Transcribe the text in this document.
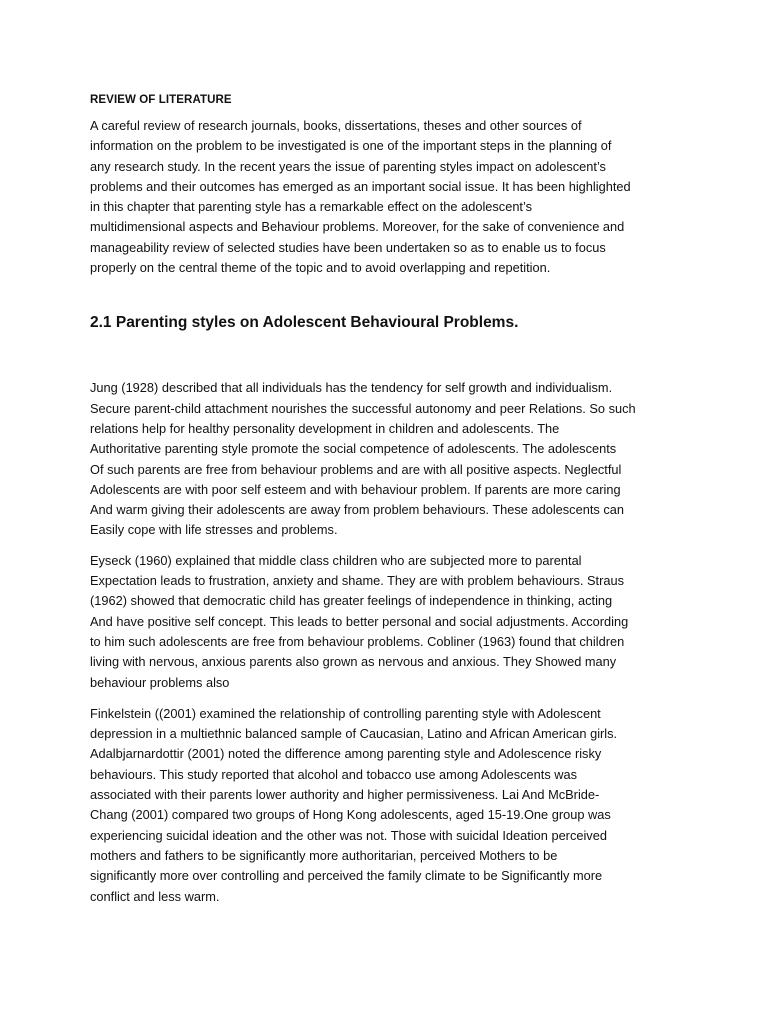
REVIEW OF LITERATURE

A careful review of research journals, books, dissertations, theses and other sources of
information on the problem to be investigated is one of the important steps in the planning of
any research study. In the recent years the issue of parenting styles impact on adolescent’s
problems and their outcomes has emerged as an important social issue. It has been highlighted
in this chapter that parenting style has a remarkable effect on the adolescent’s
multidimensional aspects and Behaviour problems. Moreover, for the sake of convenience and
manageability review of selected studies have been undertaken so as to enable us to focus
properly on the central theme of the topic and to avoid overlapping and repetition.

2.1 Parenting styles on Adolescent Behavioural Problems.

Jung (1928) described that all individuals has the tendency for self growth and individualism.
Secure parent-child attachment nourishes the successful autonomy and peer Relations. So such
relations help for healthy personality development in children and adolescents. The
Authoritative parenting style promote the social competence of adolescents. The adolescents
Of such parents are free from behaviour problems and are with all positive aspects. Neglectful
Adolescents are with poor self esteem and with behaviour problem. If parents are more caring
And warm giving their adolescents are away from problem behaviours. These adolescents can
Easily cope with life stresses and problems.

Eyseck (1960) explained that middle class children who are subjected more to parental
Expectation leads to frustration, anxiety and shame. They are with problem behaviours. Straus
(1962) showed that democratic child has greater feelings of independence in thinking, acting
And have positive self concept. This leads to better personal and social adjustments. According
to him such adolescents are free from behaviour problems. Cobliner (1963) found that children
living with nervous, anxious parents also grown as nervous and anxious. They Showed many
behaviour problems also

Finkelstein ((2001) examined the relationship of controlling parenting style with Adolescent
depression in a multiethnic balanced sample of Caucasian, Latino and African American girls.
Adalbjarnardottir (2001) noted the difference among parenting style and Adolescence risky
behaviours. This study reported that alcohol and tobacco use among Adolescents was
associated with their parents lower authority and higher permissiveness. Lai And McBride-
Chang (2001) compared two groups of Hong Kong adolescents, aged 15-19.One group was
experiencing suicidal ideation and the other was not. Those with suicidal Ideation perceived
mothers and fathers to be significantly more authoritarian, perceived Mothers to be
significantly more over controlling and perceived the family climate to be Significantly more
conflict and less warm.
